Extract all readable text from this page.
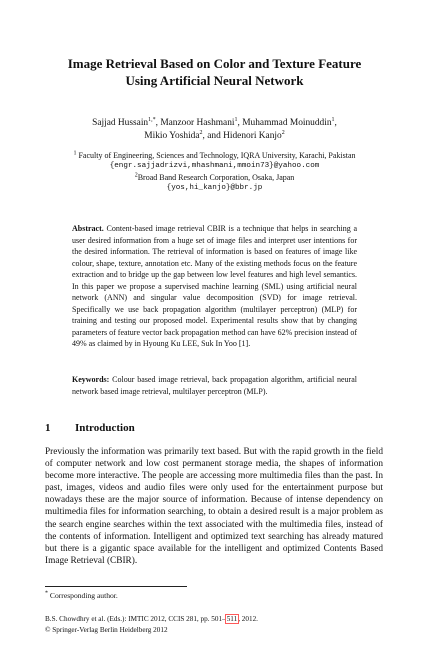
Image Retrieval Based on Color and Texture Feature
Using Artificial Neural Network
Sajjad Hussain$^{1,*}$, Manzoor Hashmani$^1$, Muhammad Moinuddin$^1$,
Mikio Yoshida$^2$, and Hidenori Kanjo$^2$
$^1$ Faculty of Engineering, Sciences and Technology, IQRA University, Karachi, Pakistan
{engr.sajjadrizvi,mhashmani,mmoin73}@yahoo.com
$^2$Broad Band Research Corporation, Osaka, Japan
{yos,hi_kanjo}@bbr.jp
Abstract. Content-based image retrieval CBIR is a technique that helps in searching a user desired information from a huge set of image files and interpret user intentions for the desired information. The retrieval of information is based on features of image like colour, shape, texture, annotation etc. Many of the existing methods focus on the feature extraction and to bridge up the gap between low level features and high level semantics. In this paper we propose a supervised machine learning (SML) using artificial neural network (ANN) and singular value decomposition (SVD) for image retrieval. Specifically we use back propagation algorithm (multilayer perceptron) (MLP) for training and testing our proposed model. Experimental results show that by changing parameters of feature vector back propagation method can have 62% precision instead of 49% as claimed by in Hyoung Ku LEE, Suk In Yoo [1].
Keywords: Colour based image retrieval, back propagation algorithm, artificial neural network based image retrieval, multilayer perceptron (MLP).
1 Introduction

Previously the information was primarily text based. But with the rapid growth in the field of computer network and low cost permanent storage media, the shapes of information become more interactive. The people are accessing more multimedia files than the past. In past, images, videos and audio files were only used for the entertainment purpose but nowadays these are the major source of information. Because of intense dependency on multimedia files for information searching, to obtain a desired result is a major problem as the search engine searches within the text associated with the multimedia files, instead of the contents of information. Intelligent and optimized text searching has already matured but there is a gigantic space available for the intelligent and optimized Contents Based Image Retrieval (CBIR).

* Corresponding author.
B.S. Chowdhry et al. (Eds.): IMTIC 2012, CCIS 281, pp. 501–511, 2012.
© Springer-Verlag Berlin Heidelberg 2012
